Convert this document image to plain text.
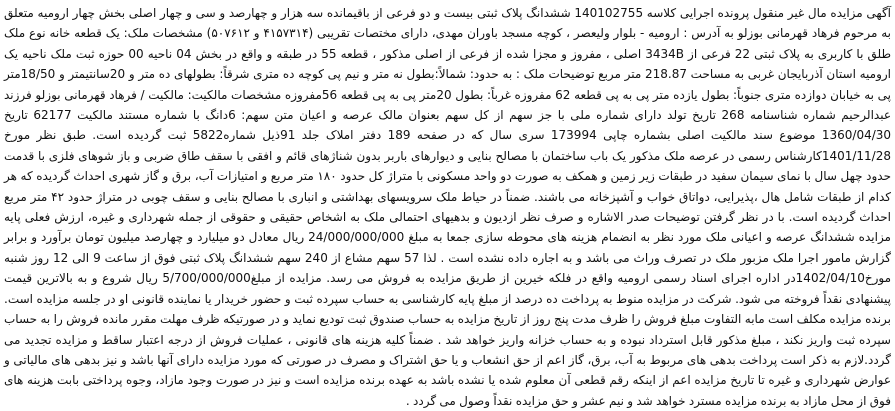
آگهی مزایده مال غیر منقول پرونده اجرایی کلاسه 140102755 ششدانگ پلاک ثبتی بیست و دو فرعی از باقیمانده سه هزار و چهارصد و سی و چهار اصلی بخش چهار ارومیه متعلق به مرحوم فرهاد قهرمانی بوزلو به آدرس : ارومیه - بلوار ولیعصر ، کوچه مسجد باوران مهدی، دارای مختصات تقریبی (۴۱۵۷۳۱۴ و ۵۰۷۶۱۲) مشخصات ملک: یک قطعه خانه نوع ملک طلق با کاربری به پلاک ثبتی 22 فرعی از 3434B اصلی ، مفروز و مجزا شده از فرعی از اصلی مذکور ، قطعه 55 در طبقه و واقع در بخش 04 ناحیه 00 حوزه ثبت ملک ناحیه یک ارومیه استان آذربایجان غربی به مساحت 218.87 متر مربع توضیحات ملک : به حدود: شمالاً:بطول نه متر و نیم پی کوچه ده متری شرقاً: بطولهای ده متر و 20سانتیمتر و 18/50متر پی به خیابان دوازده متری جنوباً: بطول یازده متر پی به پی قطعه 62 مفروزه غرباً: بطول 20متر پی به پی قطعه 56مفروزه مشخصات مالکیت: مالکیت / فرهاد قهرمانی بوزلو فرزند عبدالرحیم شماره شناسنامه 268 تاریخ تولد دارای شماره ملی با جز سهم از کل سهم بعنوان مالک عرصه و اعیان متن سهم: 6دانگ با شماره مستند مالکیت 62177 تاریخ 1360/04/30 موضوع سند مالکیت اصلی بشماره چاپی 173994 سری سال که در صفحه 189 دفتر املاک جلد 91ذیل شماره5822 ثبت گردیده است. طبق نظر مورخ 1401/11/28کارشناس رسمی در عرصه ملک مذکور یک باب ساختمان با مصالح بنایی و دیوارهای باربر بدون شناژهای قائم و افقی با سقف طاق ضربی و باز شوهای فلزی با قدمت حدود چهل سال با نمای سیمان سفید در طبقات زیر زمین و همکف به صورت دو واحد مسکونی با متراژ کل حدود ۱۸۰ متر مربع و امتیازات آب، برق و گاز شهری احداث گردیده که هر کدام از طبقات شامل هال ،پذیرایی، دواتاق خواب و آشپزخانه می باشند. ضمناً در حیاط ملک سرویسهای بهداشتی و انباری با مصالح بنایی و سقف چوبی در متراژ حدود ۴۲ متر مربع احداث گردیده است. با در نظر گرفتن توضیحات صدر الاشاره و صرف نظر ازدیون و بدهیهای احتمالی ملک به اشخاص حقیقی و حقوقی از جمله شهرداری و غیره، ارزش فعلی پایه مزایده ششدانگ عرصه و اعیانی ملک مورد نظر به انضمام هزینه های محوطه سازی جمعا به مبلغ 24/000/000/000 ریال معادل دو میلیارد و چهارصد میلیون تومان برآورد و برابر گزارش مامور اجرا ملک مزبور ملک در تصرف وراث می باشد و به اجاره داده نشده است . لذا 57 سهم مشاع از 240 سهم ششدانگ پلاک ثبتی فوق از ساعت 9 الی 12 روز شنبه مورخ1402/04/10در اداره اجرای اسناد رسمی ارومیه واقع در فلکه خیرین از طریق مزایده به فروش می رسد. مزایده از مبلغ5/700/000/000 ریال شروع و به بالاترین قیمت پیشنهادی نقداً فروخته می شود. شرکت در مزایده منوط به پرداخت ده درصد از مبلغ پایه کارشناسی به حساب سپرده ثبت و حضور خریدار یا نماینده قانونی او در جلسه مزایده است. برنده مزایده مکلف است مابه التفاوت مبلغ فروش را ظرف مدت پنج روز از تاریخ مزایده به حساب صندوق ثبت تودیع نماید و در صورتیکه ظرف مهلت مقرر مانده فروش را به حساب سپرده ثبت واریز نکند ، مبلغ مذکور قابل استرداد نبوده و به حساب خزانه واریز خواهد شد . ضمناً کلیه هزینه های قانونی ، عملیات فروش از درجه اعتبار ساقط و مزایده تجدید می گردد.لازم به ذکر است پرداخت بدهی های مربوط به آب، برق، گاز اعم از حق انشعاب و یا حق اشتراک و مصرف در صورتی که مورد مزایده دارای آنها باشد و نیز بدهی های مالیاتی و عوارض شهرداری و غیره تا تاریخ مزایده اعم از اینکه رقم قطعی آن معلوم شده یا نشده باشد به عهده برنده مزایده است و نیز در صورت وجود مازاد، وجوه پرداختی بابت هزینه های فوق از محل مازاد به برنده مزایده مسترد خواهد شد و نیم عشر و حق مزایده نقداً وصول می گردد .
